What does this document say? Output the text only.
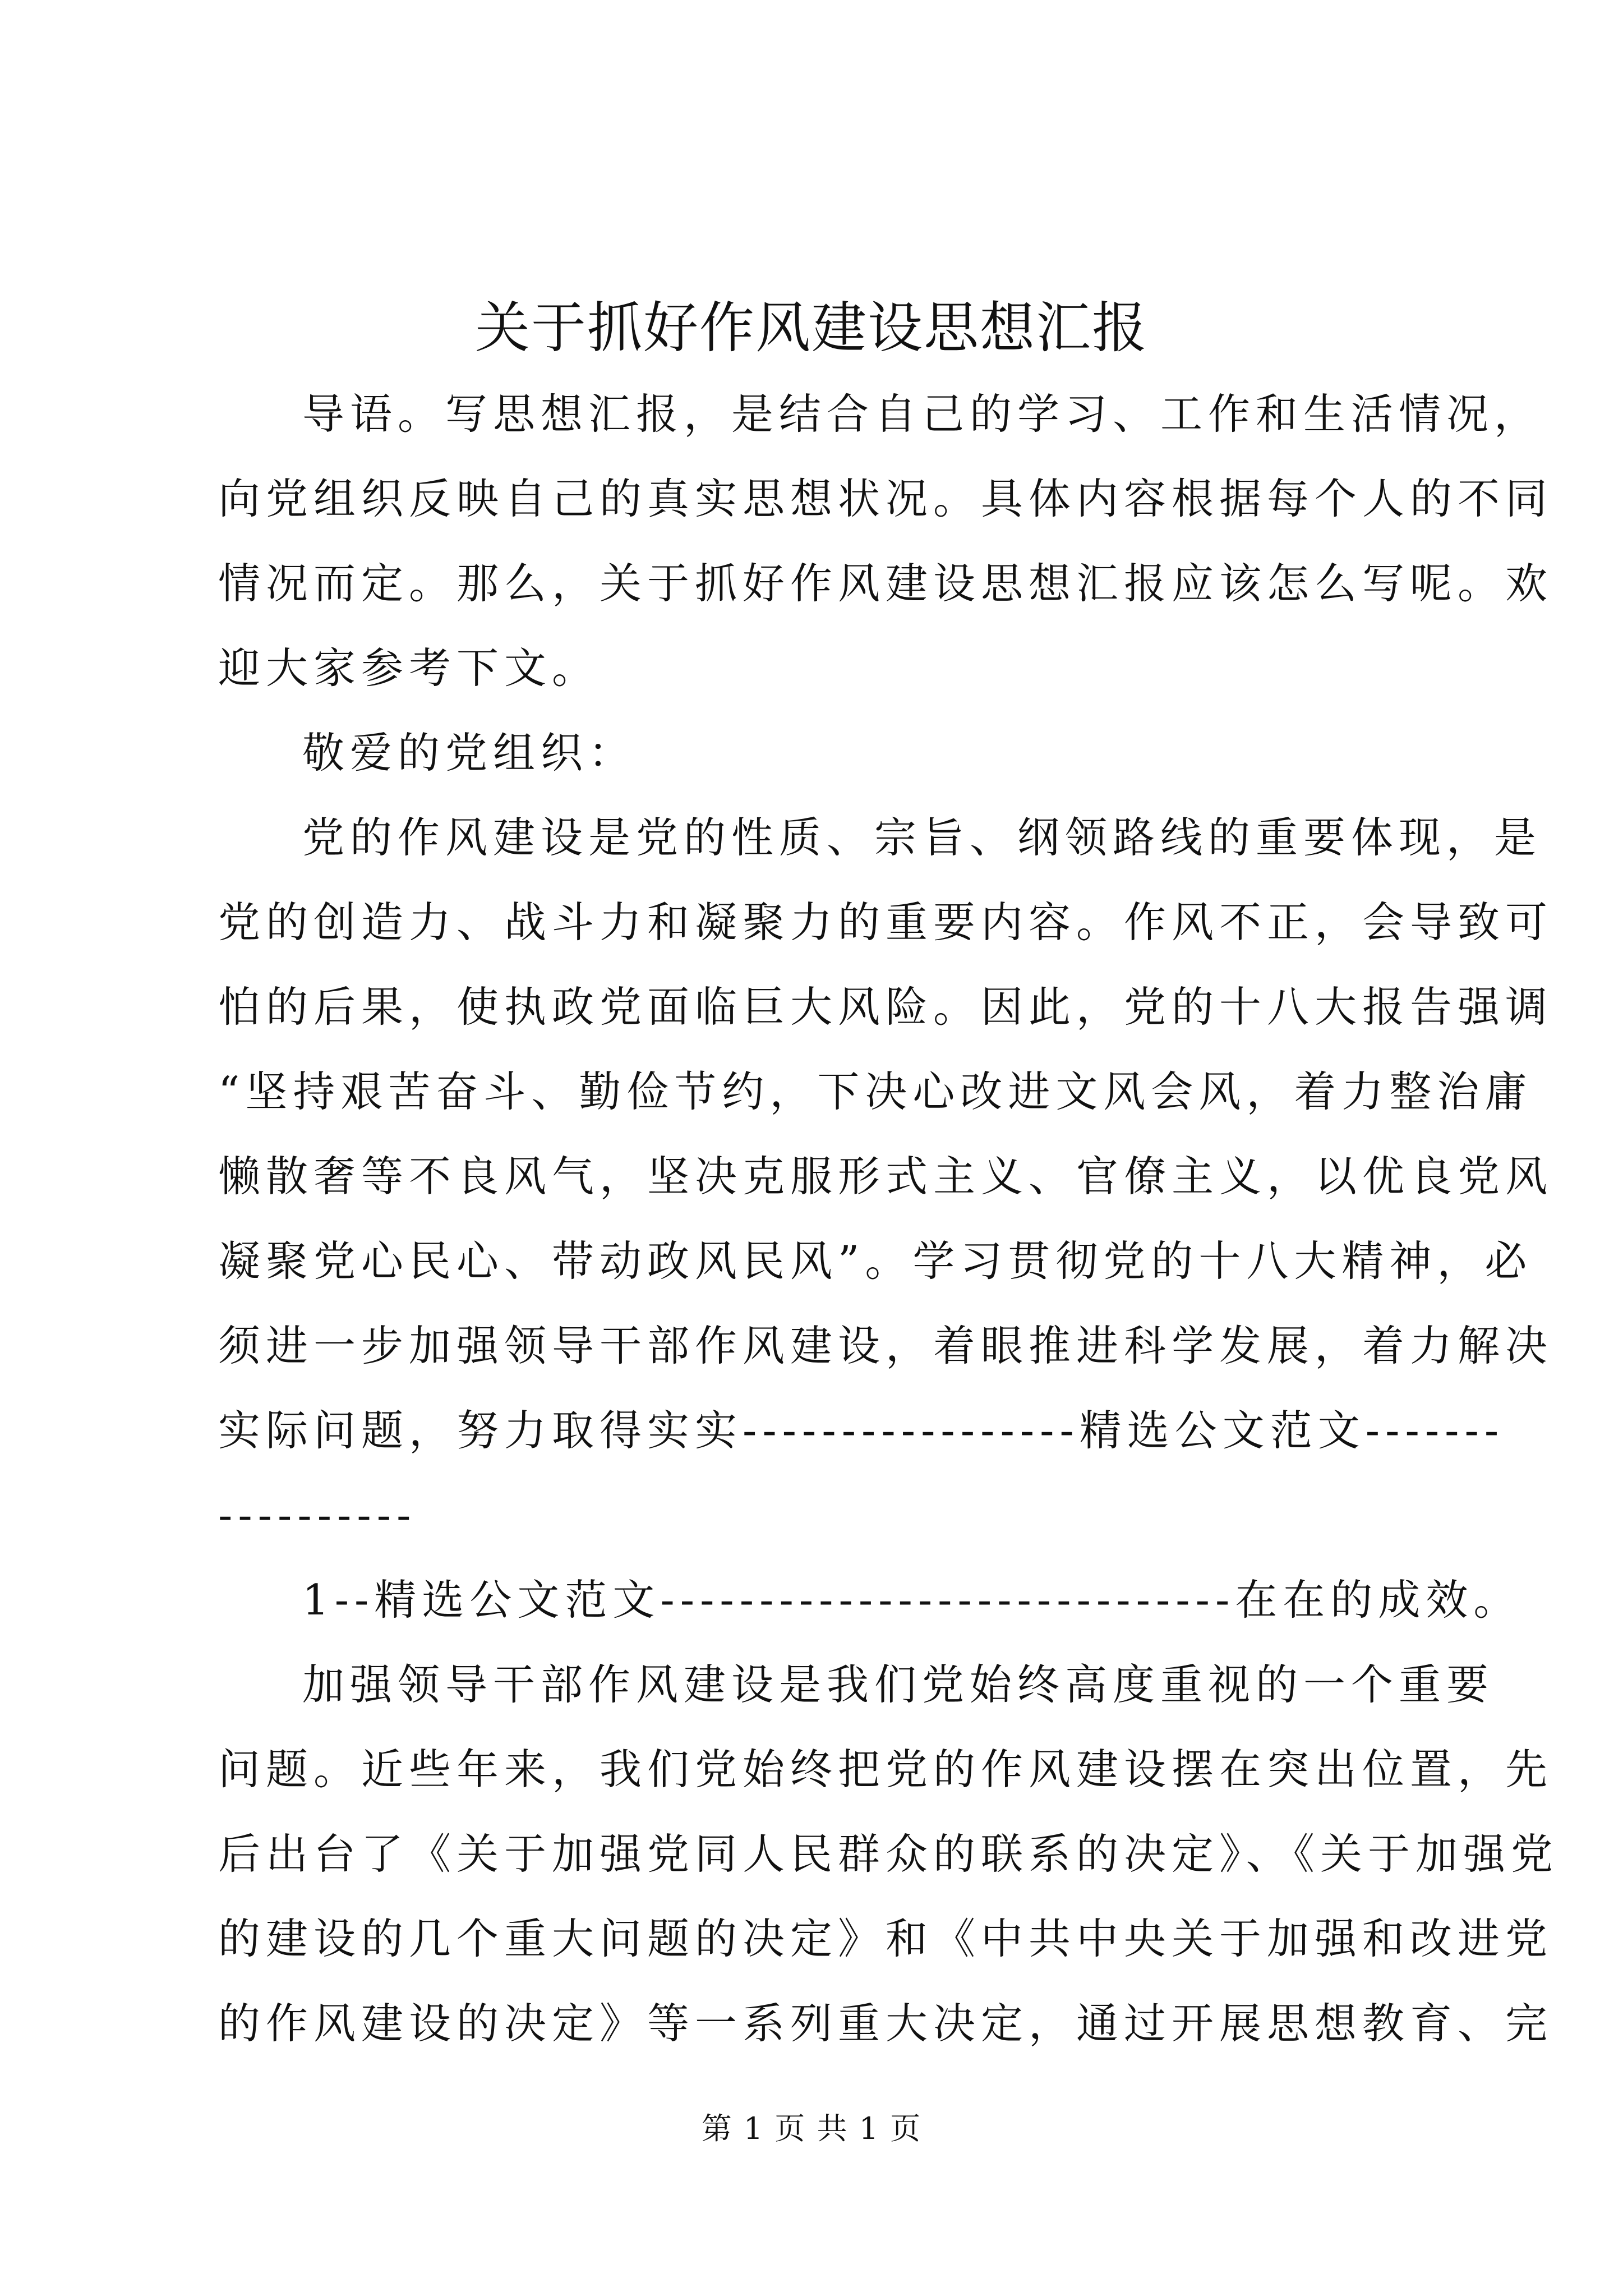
关于抓好作风建设思想汇报
导语。写思想汇报，是结合自己的学习、工作和生活情况，
向党组织反映自己的真实思想状况。具体内容根据每个人的不同
情况而定。那么，关于抓好作风建设思想汇报应该怎么写呢。欢
迎大家参考下文。
敬爱的党组织：
党的作风建设是党的性质、宗旨、纲领路线的重要体现，是
党的创造力、战斗力和凝聚力的重要内容。作风不正，会导致可
怕的后果，使执政党面临巨大风险。因此，党的十八大报告强调
“坚持艰苦奋斗、勤俭节约，下决心改进文风会风，着力整治庸
懒散奢等不良风气，坚决克服形式主义、官僚主义，以优良党风
凝聚党心民心、带动政风民风”。学习贯彻党的十八大精神，必
须进一步加强领导干部作风建设，着眼推进科学发展，着力解决
实际问题，努力取得实实-----------------精选公文范文-------
----------
1--精选公文范文-----------------------------在在的成效。
加强领导干部作风建设是我们党始终高度重视的一个重要
问题。近些年来，我们党始终把党的作风建设摆在突出位置，先
后出台了《关于加强党同人民群众的联系的决定》、《关于加强党
的建设的几个重大问题的决定》和《中共中央关于加强和改进党
的作风建设的决定》等一系列重大决定，通过开展思想教育、完
第 1 页 共 1 页
